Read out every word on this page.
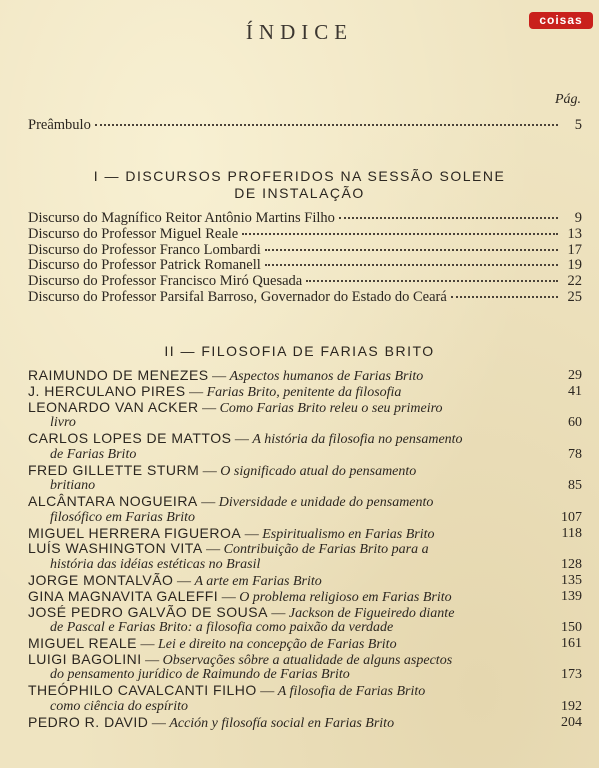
ÍNDICE	coisas
Pág.
Preâmbulo	5
I — DISCURSOS PROFERIDOS NA SESSÃO SOLENE
DE INSTALAÇÃO
Discurso do Magnífico Reitor Antônio Martins Filho	9
Discurso do Professor Miguel Reale	13
Discurso do Professor Franco Lombardi	17
Discurso do Professor Patrick Romanell	19
Discurso do Professor Francisco Miró Quesada	22
Discurso do Professor Parsifal Barroso, Governador do Estado do Ceará	25
II — FILOSOFIA DE FARIAS BRITO
RAIMUNDO DE MENEZES — Aspectos humanos de Farias Brito	29
J. HERCULANO PIRES — Farias Brito, penitente da filosofia	41
LEONARDO VAN ACKER — Como Farias Brito releu o seu primeiro
livro	60
CARLOS LOPES DE MATTOS — A história da filosofia no pensamento
de Farias Brito	78
FRED GILLETTE STURM — O significado atual do pensamento
britiano	85
ALCÂNTARA NOGUEIRA — Diversidade e unidade do pensamento
filosófico em Farias Brito	107
MIGUEL HERRERA FIGUEROA — Espiritualismo en Farias Brito	118
LUÍS WASHINGTON VITA — Contribuição de Farias Brito para a
história das idéias estéticas no Brasil	128
JORGE MONTALVÃO — A arte em Farias Brito	135
GINA MAGNAVITA GALEFFI — O problema religioso em Farias Brito	139
JOSÉ PEDRO GALVÃO DE SOUSA — Jackson de Figueiredo diante
de Pascal e Farias Brito: a filosofia como paixão da verdade	150
MIGUEL REALE — Lei e direito na concepção de Farias Brito	161
LUIGI BAGOLINI — Observações sôbre a atualidade de alguns aspectos
do pensamento jurídico de Raimundo de Farias Brito	173
THEÓPHILO CAVALCANTI FILHO — A filosofia de Farias Brito
como ciência do espírito	192
PEDRO R. DAVID — Acción y filosofía social en Farias Brito	204
